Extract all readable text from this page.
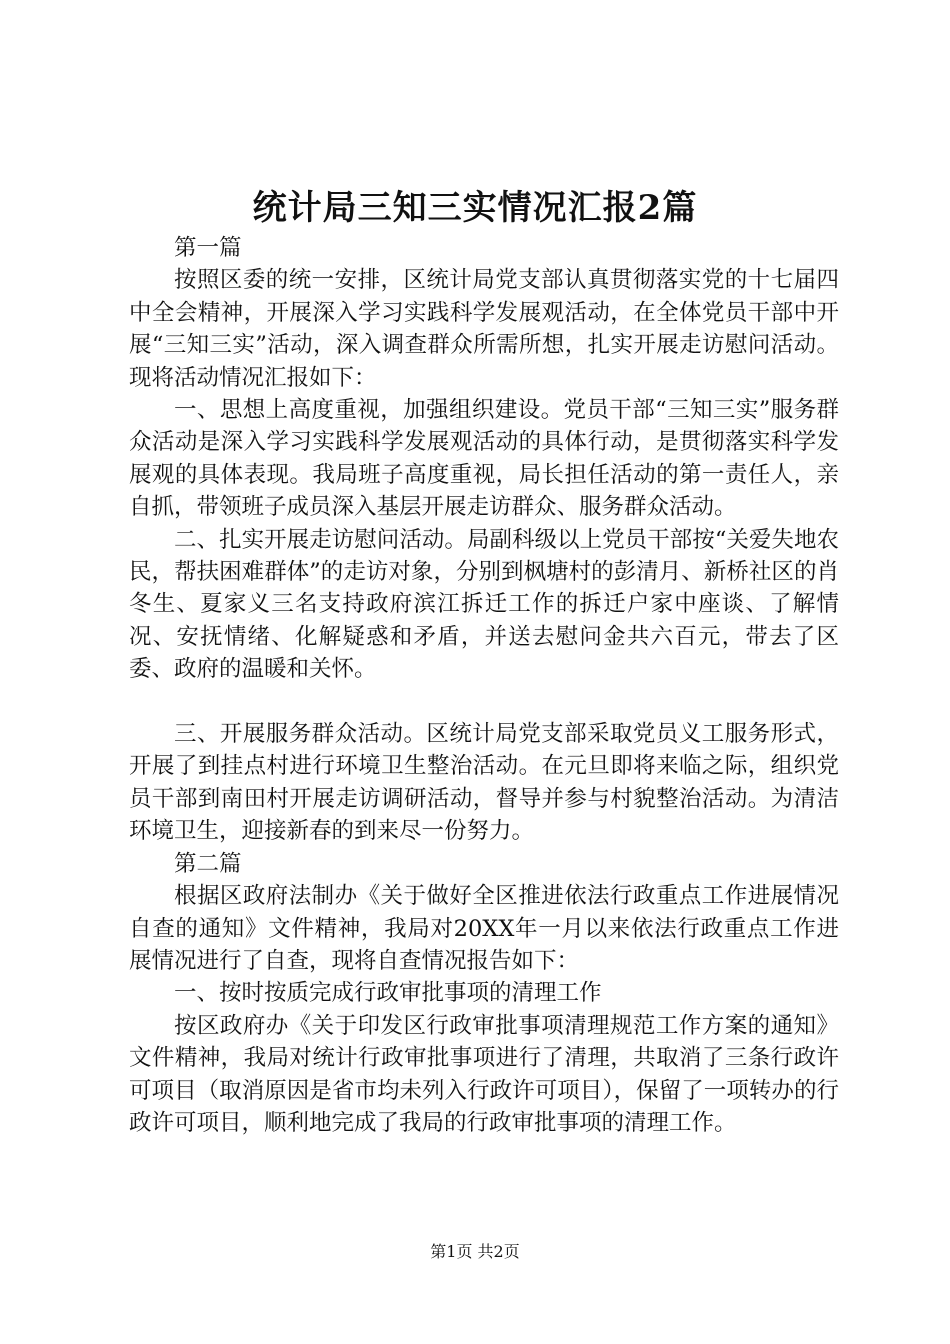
统计局三知三实情况汇报2篇

第一篇

按照区委的统一安排，区统计局党支部认真贯彻落实党的十七届四中全会精神，开展深入学习实践科学发展观活动，在全体党员干部中开展“三知三实”活动，深入调查群众所需所想，扎实开展走访慰问活动。现将活动情况汇报如下：

一、思想上高度重视，加强组织建设。党员干部“三知三实”服务群众活动是深入学习实践科学发展观活动的具体行动，是贯彻落实科学发展观的具体表现。我局班子高度重视，局长担任活动的第一责任人，亲自抓，带领班子成员深入基层开展走访群众、服务群众活动。

二、扎实开展走访慰问活动。局副科级以上党员干部按“关爱失地农民，帮扶困难群体”的走访对象，分别到枫塘村的彭清月、新桥社区的肖冬生、夏家义三名支持政府滨江拆迁工作的拆迁户家中座谈、了解情况、安抚情绪、化解疑惑和矛盾，并送去慰问金共六百元，带去了区委、政府的温暖和关怀。

三、开展服务群众活动。区统计局党支部采取党员义工服务形式，开展了到挂点村进行环境卫生整治活动。在元旦即将来临之际，组织党员干部到南田村开展走访调研活动，督导并参与村貌整治活动。为清洁环境卫生，迎接新春的到来尽一份努力。

第二篇

根据区政府法制办《关于做好全区推进依法行政重点工作进展情况自查的通知》文件精神，我局对20XX年一月以来依法行政重点工作进展情况进行了自查，现将自查情况报告如下：

一、按时按质完成行政审批事项的清理工作

按区政府办《关于印发区行政审批事项清理规范工作方案的通知》文件精神，我局对统计行政审批事项进行了清理，共取消了三条行政许可项目（取消原因是省市均未列入行政许可项目），保留了一项转办的行政许可项目，顺利地完成了我局的行政审批事项的清理工作。

第1页 共2页
